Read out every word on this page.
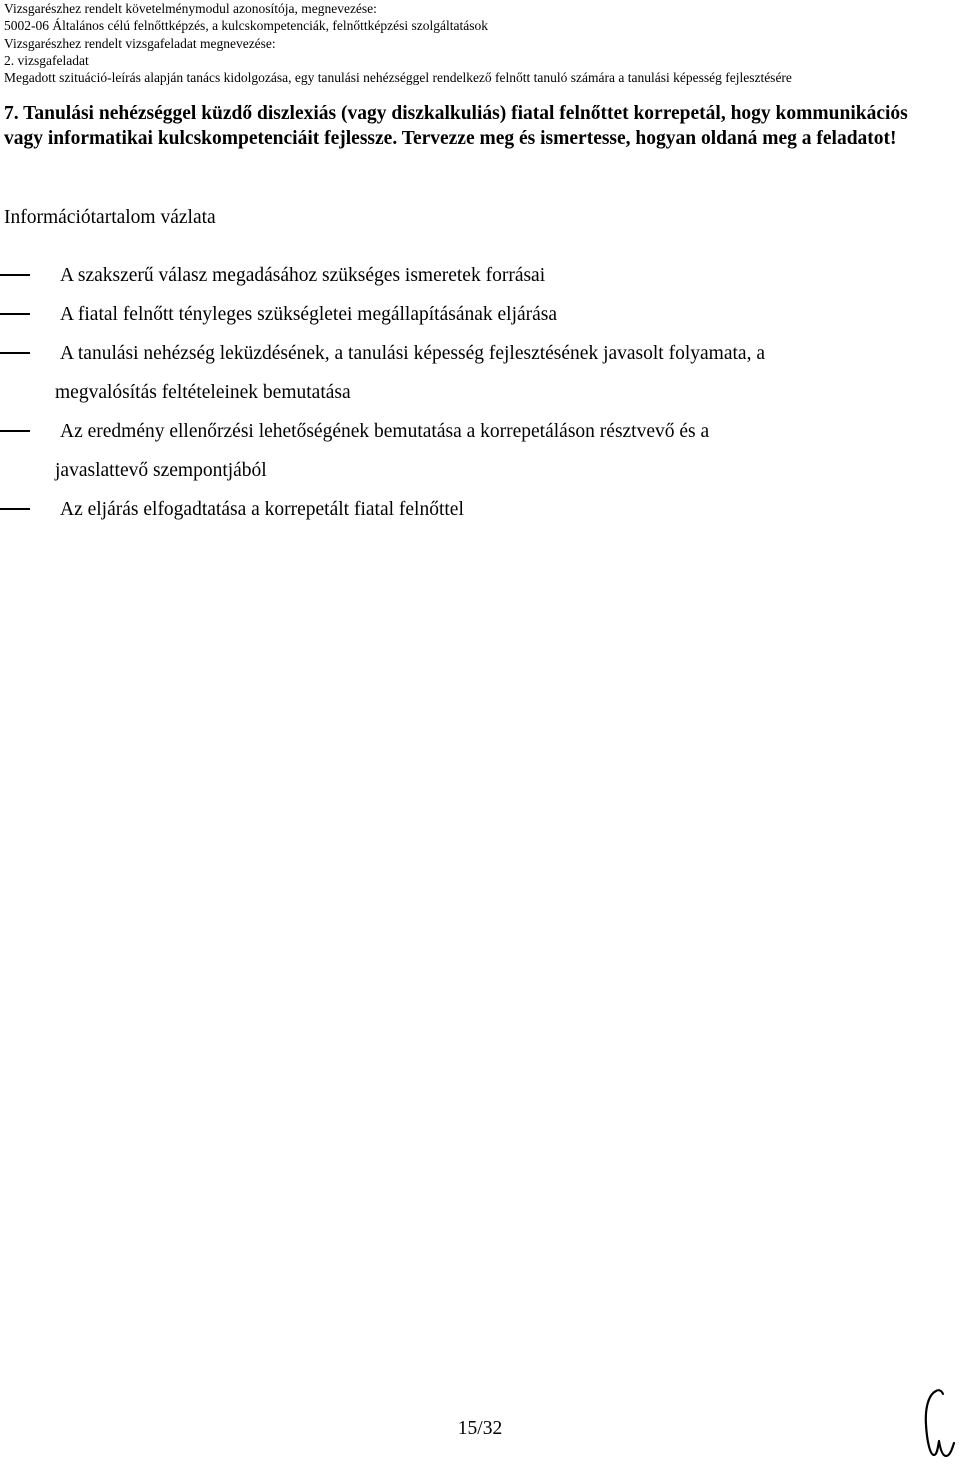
Vizsgarészhez rendelt követelménymodul azonosítója, megnevezése:
5002-06 Általános célú felnőttképzés, a kulcskompetenciák, felnőttképzési szolgáltatások
Vizsgarészhez rendelt vizsgafeladat megnevezése:
2. vizsgafeladat
Megadott szituáció-leírás alapján tanács kidolgozása, egy tanulási nehézséggel rendelkező felnőtt tanuló számára a tanulási képesség fejlesztésére

7. Tanulási nehézséggel küzdő diszlexiás (vagy diszkalkuliás) fiatal felnőttet korrepetál, hogy kommunikációs vagy informatikai kulcskompetenciáit fejlessze. Tervezze meg és ismertesse, hogyan oldaná meg a feladatot!

Információtartalom vázlata
A szakszerű válasz megadásához szükséges ismeretek forrásai
A fiatal felnőtt tényleges szükségletei megállapításának eljárása
A tanulási nehézség leküzdésének, a tanulási képesség fejlesztésének javasolt folyamata, a
megvalósítás feltételeinek bemutatása
Az eredmény ellenőrzési lehetőségének bemutatása a korrepetáláson résztvevő és a
javaslattevő szempontjából
Az eljárás elfogadtatása a korrepetált fiatal felnőttel
15/32
